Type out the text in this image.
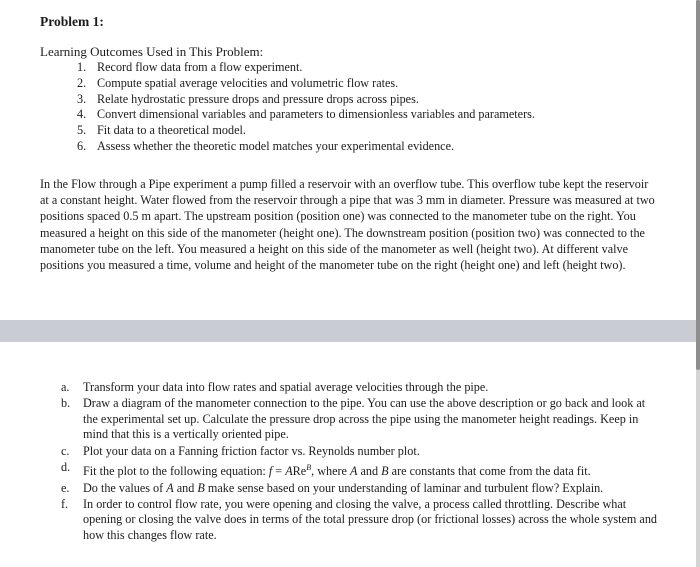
Problem 1:
Learning Outcomes Used in This Problem:
1. Record flow data from a flow experiment.
2. Compute spatial average velocities and volumetric flow rates.
3. Relate hydrostatic pressure drops and pressure drops across pipes.
4. Convert dimensional variables and parameters to dimensionless variables and parameters.
5. Fit data to a theoretical model.
6. Assess whether the theoretic model matches your experimental evidence.

In the Flow through a Pipe experiment a pump filled a reservoir with an overflow tube. This overflow tube kept the reservoir at a constant height. Water flowed from the reservoir through a pipe that was 3 mm in diameter. Pressure was measured at two positions spaced 0.5 m apart. The upstream position (position one) was connected to the manometer tube on the right. You measured a height on this side of the manometer (height one). The downstream position (position two) was connected to the manometer tube on the left. You measured a height on this side of the manometer as well (height two). At different valve positions you measured a time, volume and height of the manometer tube on the right (height one) and left (height two).

a. Transform your data into flow rates and spatial average velocities through the pipe.
b. Draw a diagram of the manometer connection to the pipe. You can use the above description or go back and look at the experimental set up. Calculate the pressure drop across the pipe using the manometer height readings. Keep in mind that this is a vertically oriented pipe.
c. Plot your data on a Fanning friction factor vs. Reynolds number plot.
d. Fit the plot to the following equation: f = ARe$^B$, where A and B are constants that come from the data fit.
e. Do the values of A and B make sense based on your understanding of laminar and turbulent flow? Explain.
f. In order to control flow rate, you were opening and closing the valve, a process called throttling. Describe what opening or closing the valve does in terms of the total pressure drop (or frictional losses) across the whole system and how this changes flow rate.
